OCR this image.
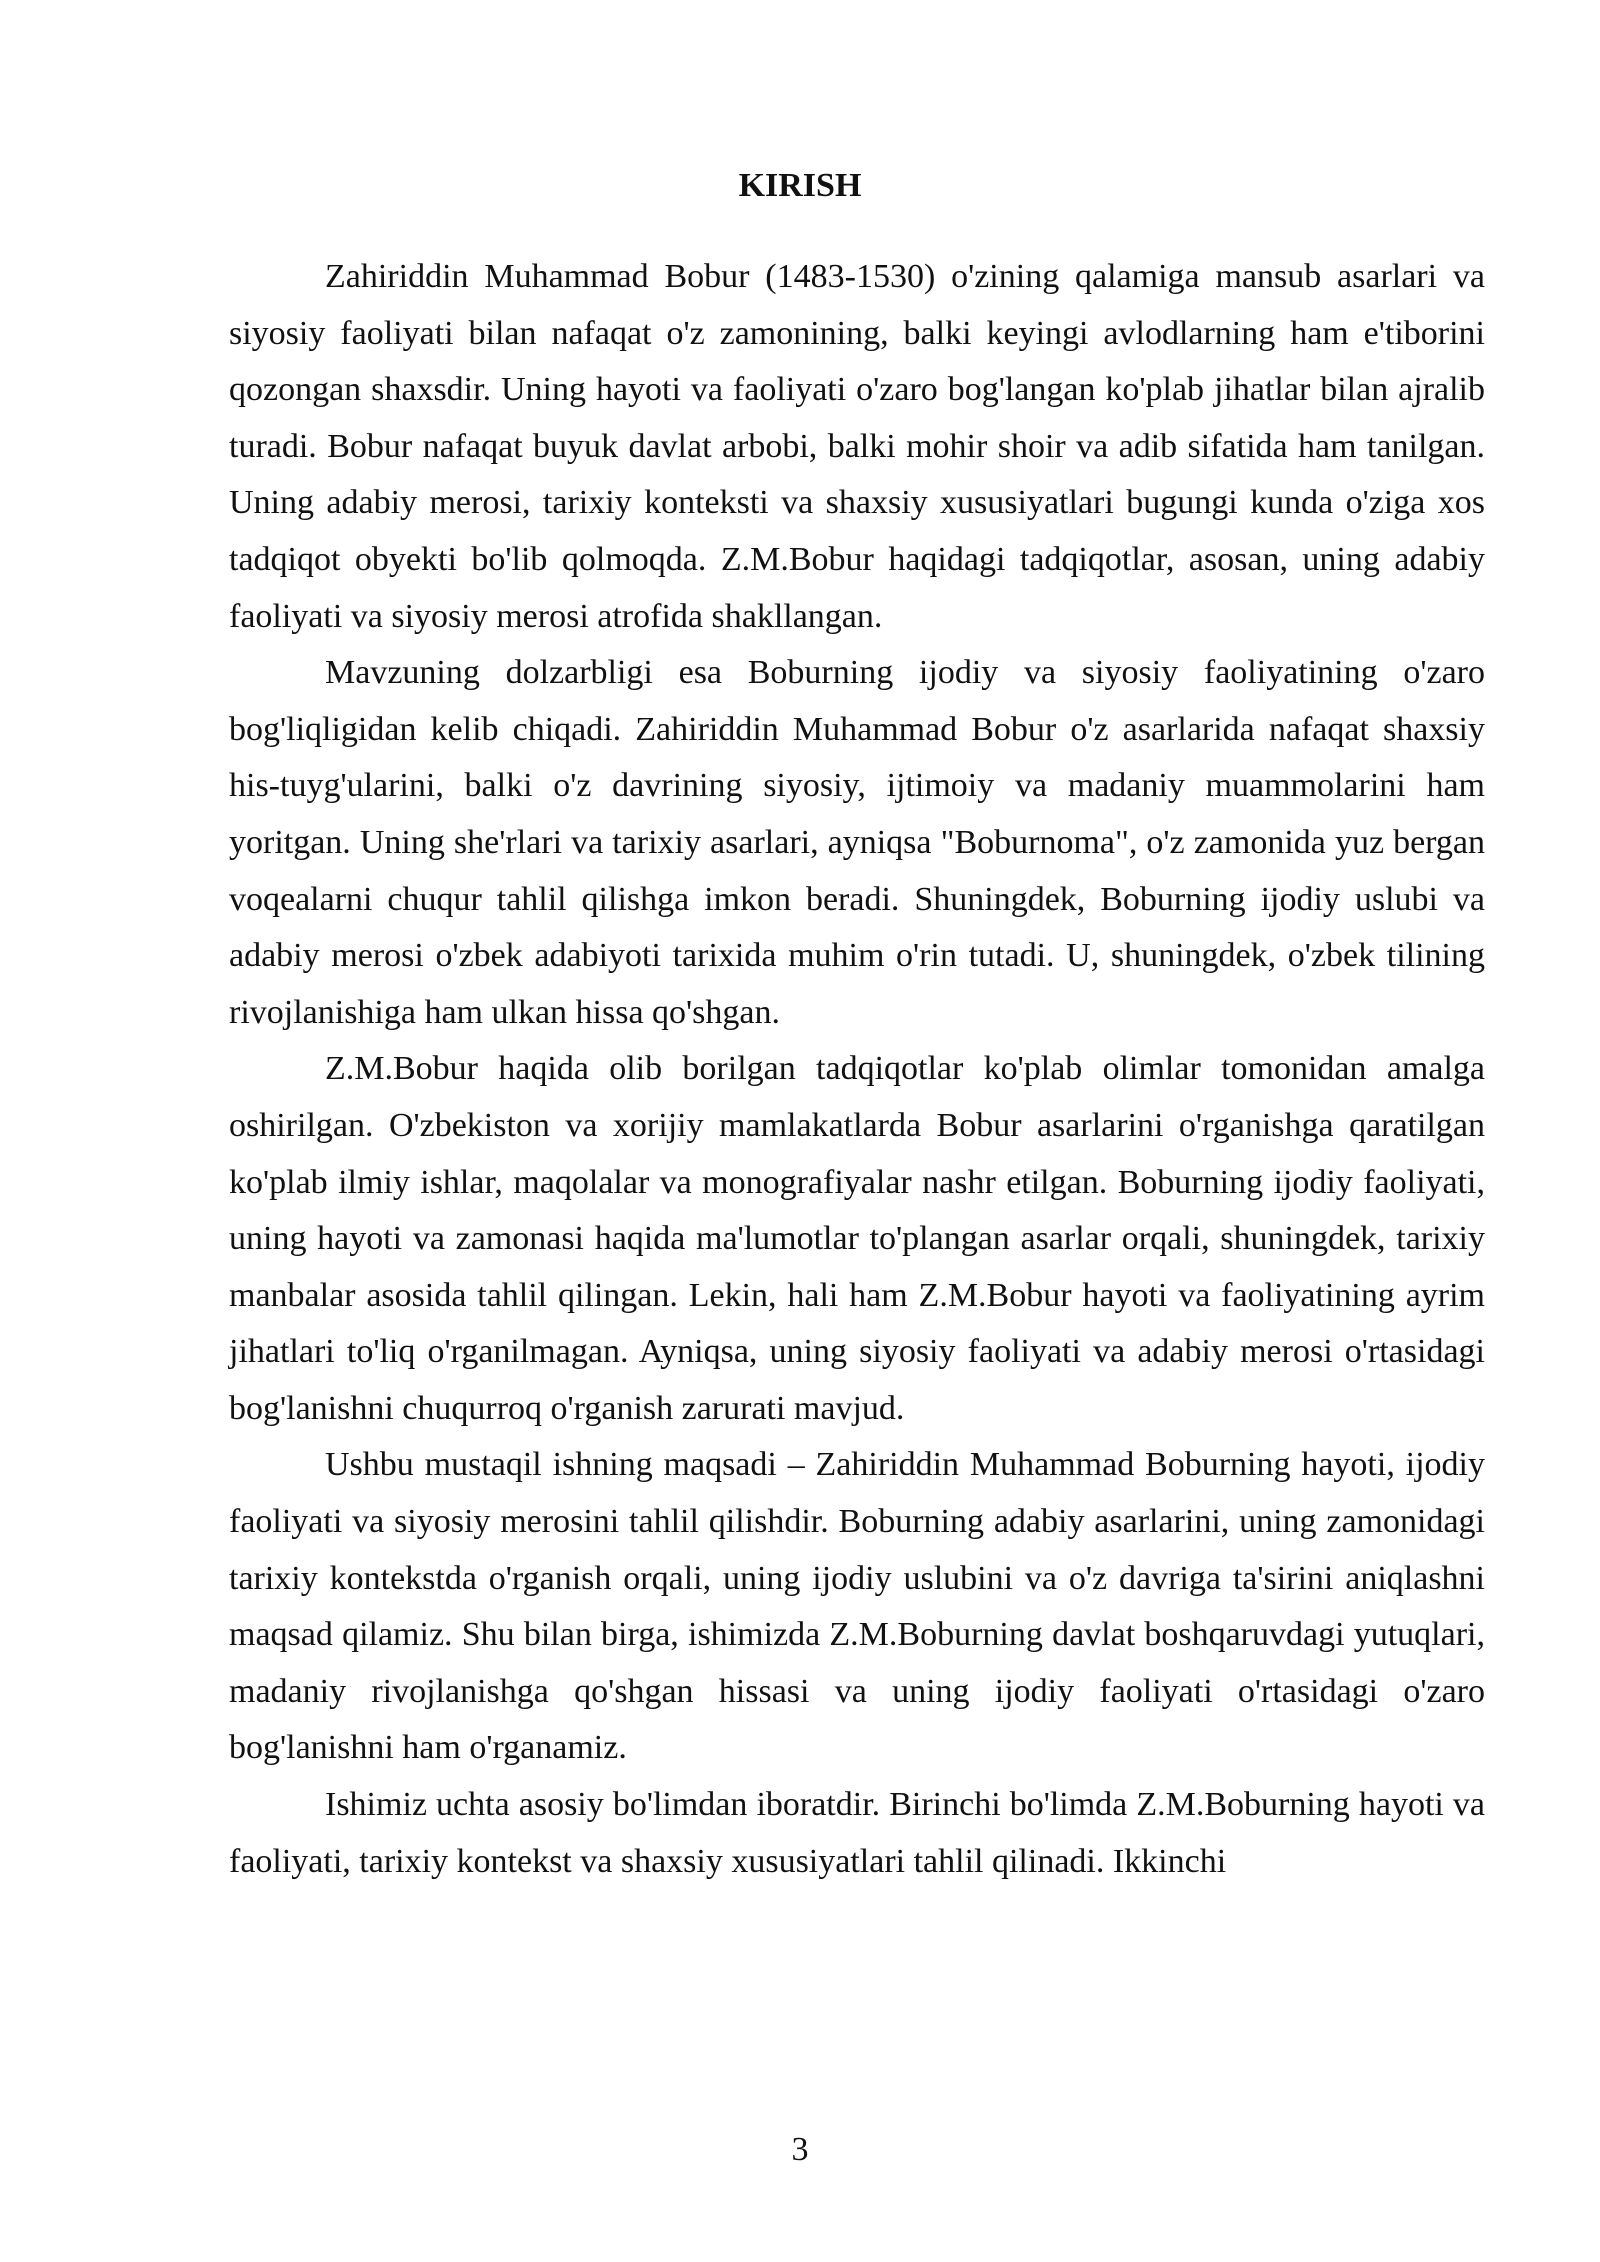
KIRISH

Zahiriddin Muhammad Bobur (1483-1530) o'zining qalamiga mansub asarlari va siyosiy faoliyati bilan nafaqat o'z zamonining, balki keyingi avlodlarning ham e'tiborini qozongan shaxsdir. Uning hayoti va faoliyati o'zaro bog'langan ko'plab jihatlar bilan ajralib turadi. Bobur nafaqat buyuk davlat arbobi, balki mohir shoir va adib sifatida ham tanilgan. Uning adabiy merosi, tarixiy konteksti va shaxsiy xususiyatlari bugungi kunda o'ziga xos tadqiqot obyekti bo'lib qolmoqda. Z.M.Bobur haqidagi tadqiqotlar, asosan, uning adabiy faoliyati va siyosiy merosi atrofida shakllangan.

Mavzuning dolzarbligi esa Boburning ijodiy va siyosiy faoliyatining o'zaro bog'liqligidan kelib chiqadi. Zahiriddin Muhammad Bobur o'z asarlarida nafaqat shaxsiy his-tuyg'ularini, balki o'z davrining siyosiy, ijtimoiy va madaniy muammolarini ham yoritgan. Uning she'rlari va tarixiy asarlari, ayniqsa "Boburnoma", o'z zamonida yuz bergan voqealarni chuqur tahlil qilishga imkon beradi. Shuningdek, Boburning ijodiy uslubi va adabiy merosi o'zbek adabiyoti tarixida muhim o'rin tutadi. U, shuningdek, o'zbek tilining rivojlanishiga ham ulkan hissa qo'shgan.

Z.M.Bobur haqida olib borilgan tadqiqotlar ko'plab olimlar tomonidan amalga oshirilgan. O'zbekiston va xorijiy mamlakatlarda Bobur asarlarini o'rganishga qaratilgan ko'plab ilmiy ishlar, maqolalar va monografiyalar nashr etilgan. Boburning ijodiy faoliyati, uning hayoti va zamonasi haqida ma'lumotlar to'plangan asarlar orqali, shuningdek, tarixiy manbalar asosida tahlil qilingan. Lekin, hali ham Z.M.Bobur hayoti va faoliyatining ayrim jihatlari to'liq o'rganilmagan. Ayniqsa, uning siyosiy faoliyati va adabiy merosi o'rtasidagi bog'lanishni chuqurroq o'rganish zarurati mavjud.

Ushbu mustaqil ishning maqsadi – Zahiriddin Muhammad Boburning hayoti, ijodiy faoliyati va siyosiy merosini tahlil qilishdir. Boburning adabiy asarlarini, uning zamonidagi tarixiy kontekstda o'rganish orqali, uning ijodiy uslubini va o'z davriga ta'sirini aniqlashni maqsad qilamiz. Shu bilan birga, ishimizda Z.M.Boburning davlat boshqaruvdagi yutuqlari, madaniy rivojlanishga qo'shgan hissasi va uning ijodiy faoliyati o'rtasidagi o'zaro bog'lanishni ham o'rganamiz.

Ishimiz uchta asosiy bo'limdan iboratdir. Birinchi bo'limda Z.M.Boburning hayoti va faoliyati, tarixiy kontekst va shaxsiy xususiyatlari tahlil qilinadi. Ikkinchi

3
